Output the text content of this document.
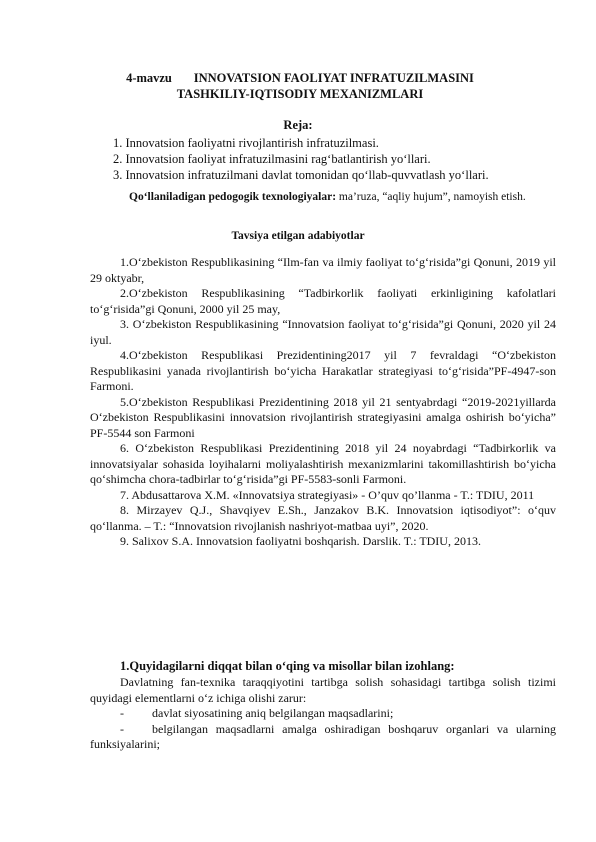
4-mavzu INNOVATSION FAOLIYAT INFRATUZILMASINI
TASHKILIY-IQTISODIY MEXANIZMLARI
Reja:
1. Innovatsion faoliyatni rivojlantirish infratuzilmasi.
2. Innovatsion faoliyat infratuzilmasini rag‘batlantirish yo‘llari.
3. Innovatsion infratuzilmani davlat tomonidan qo‘llab-quvvatlash yo‘llari.
Qo‘llaniladigan pedogogik texnologiyalar: ma’ruza, “aqliy hujum”, namoyish etish.
Tavsiya etilgan adabiyotlar

1.O‘zbekiston Respublikasining “Ilm-fan va ilmiy faoliyat to‘g‘risida”gi Qonuni, 2019 yil 29 oktyabr,

2.O‘zbekiston Respublikasining “Tadbirkorlik faoliyati erkinligining kafolatlari to‘g‘risida”gi Qonuni, 2000 yil 25 may,

3. O‘zbekiston Respublikasining “Innovatsion faoliyat to‘g‘risida”gi Qonuni, 2020 yil 24 iyul.

4.O‘zbekiston Respublikasi Prezidentining2017 yil 7 fevraldagi “O‘zbekiston Respublikasini yanada rivojlantirish bo‘yicha Harakatlar strategiyasi to‘g‘risida”PF-4947-son Farmoni.

5.O‘zbekiston Respublikasi Prezidentining 2018 yil 21 sentyabrdagi “2019-2021yillarda O‘zbekiston Respublikasini innovatsion rivojlantirish strategiyasini amalga oshirish bo‘yicha” PF-5544 son Farmoni

6. O‘zbekiston Respublikasi Prezidentining 2018 yil 24 noyabrdagi “Tadbirkorlik va innovatsiyalar sohasida loyihalarni moliyalashtirish mexanizmlarini takomillashtirish bo‘yicha qo‘shimcha chora-tadbirlar to‘g‘risida”gi PF-5583-sonli Farmoni.

7. Abdusattarova X.M. «Innovatsiya strategiyasi» - O’quv qo’llanma - T.: TDIU, 2011

8. Mirzayev Q.J., Shavqiyev E.Sh., Janzakov B.K. Innovatsion iqtisodiyot”: o‘quv qo‘llanma. – T.: “Innovatsion rivojlanish nashriyot-matbaa uyi”, 2020.

9. Salixov S.A. Innovatsion faoliyatni boshqarish. Darslik. T.: TDIU, 2013.

1.Quyidagilarni diqqat bilan o‘qing va misollar bilan izohlang:

Davlatning fan-texnika taraqqiyotini tartibga solish sohasidagi tartibga solish tizimi quyidagi elementlarni o‘z ichiga olishi zarur:

- davlat siyosatining aniq belgilangan maqsadlarini;

- belgilangan maqsadlarni amalga oshiradigan boshqaruv organlari va ularning funksiyalarini;
